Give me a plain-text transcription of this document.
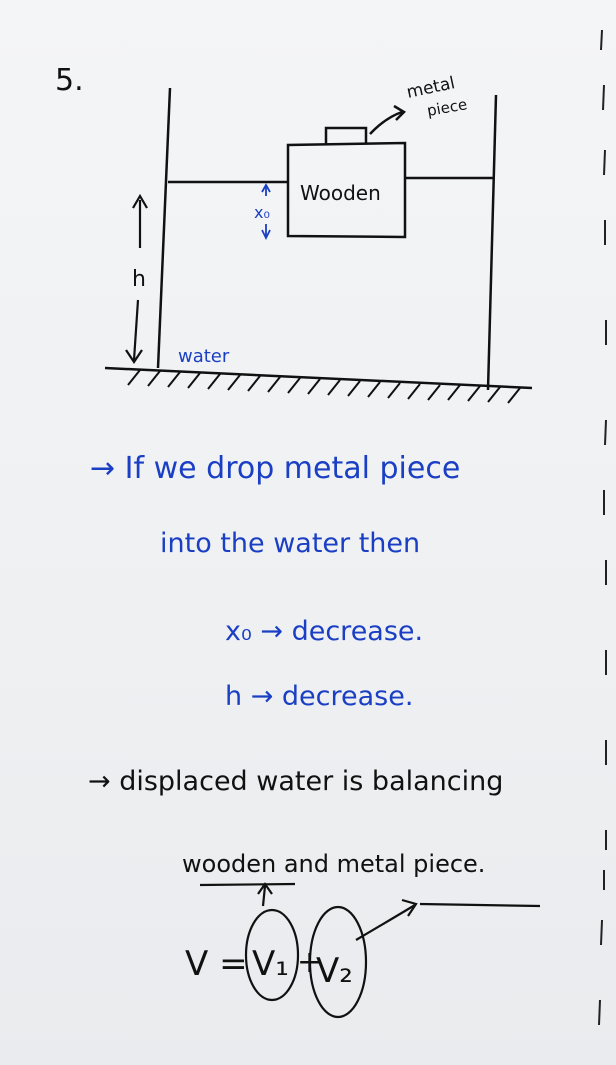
5.
h
x₀
Wooden
metal
piece
water
→ If we drop metal piece
into the water then
x₀ → decrease.
h → decrease.
→ displaced water is balancing
wooden and metal piece.
V = V₁ +
V₂
